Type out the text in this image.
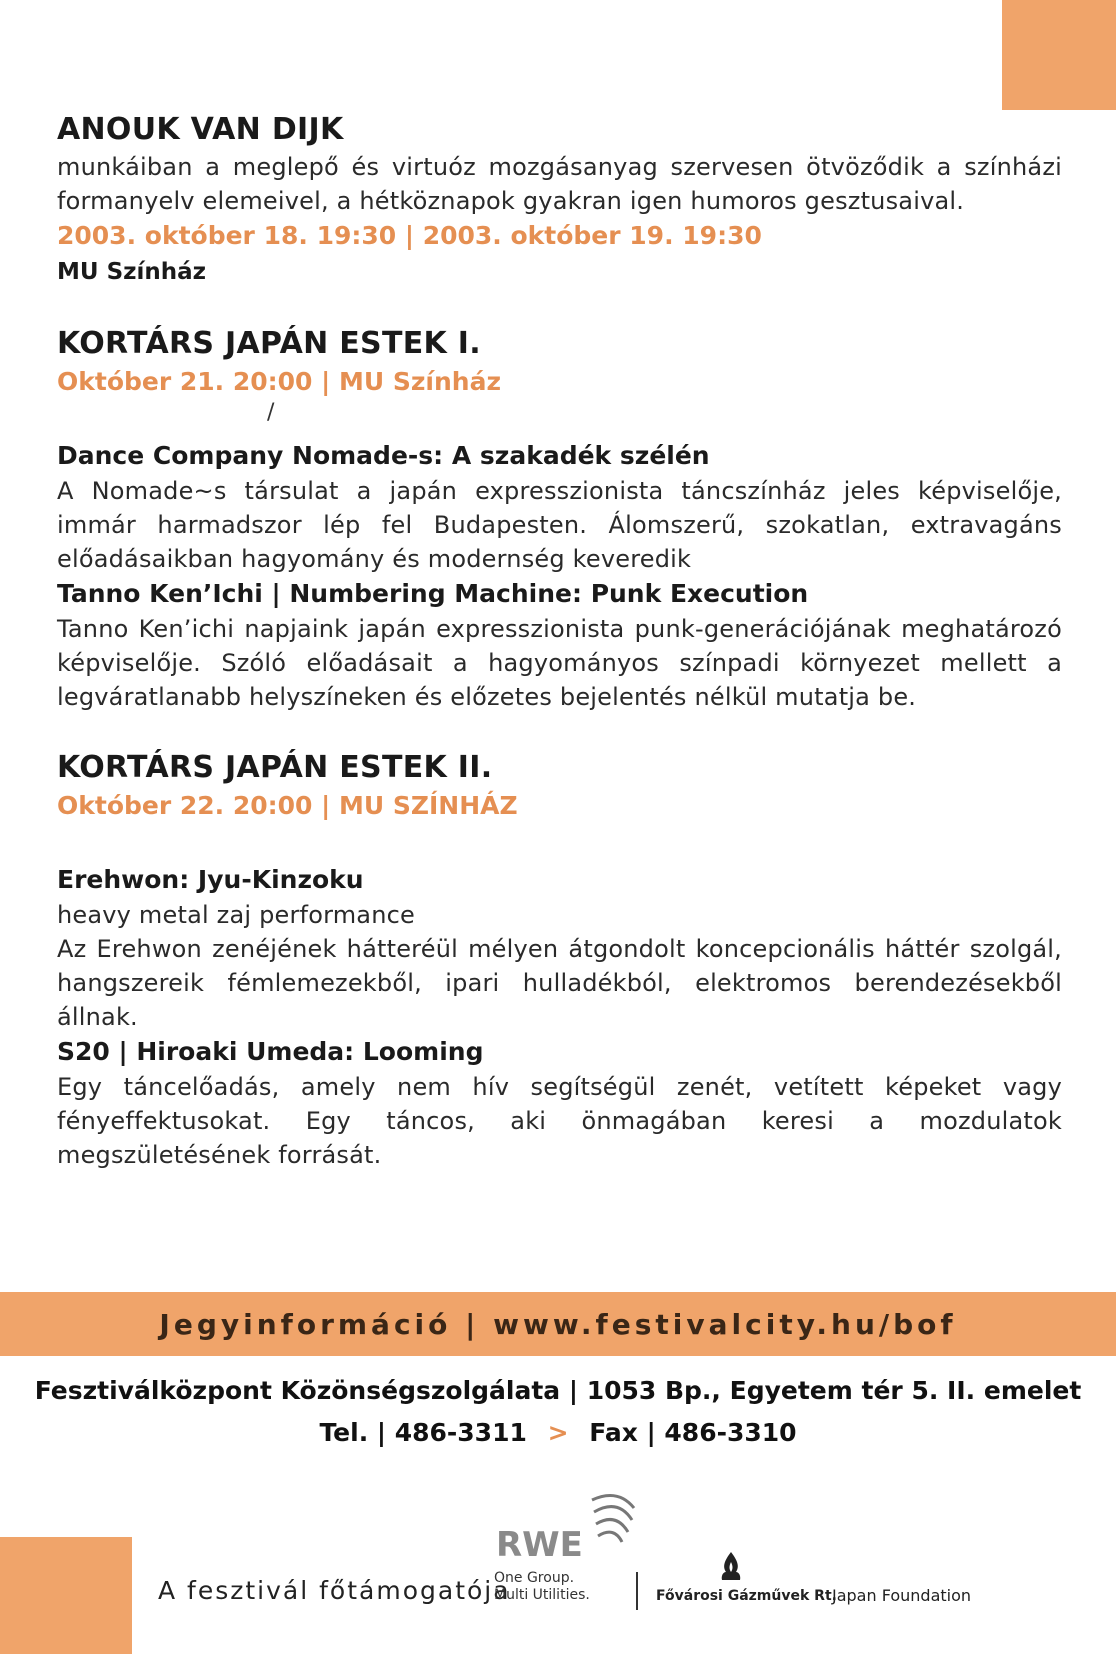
ANOUK VAN DIJK

munkáiban a meglepő és virtuóz mozgásanyag szervesen ötvöződik a színházi formanyelv elemeivel, a hétköznapok gyakran igen humoros gesztusaival.

2003. október 18. 19:30 | 2003. október 19. 19:30

MU Színház

KORTÁRS JAPÁN ESTEK I.

Október 21. 20:00 | MU Színház

/

Dance Company Nomade-s: A szakadék szélén

A Nomade~s társulat a japán expresszionista táncszínház jeles képviselője, immár harmadszor lép fel Budapesten. Álomszerű, szokatlan, extravagáns előadásaikban hagyomány és modernség keveredik

Tanno Ken’Ichi | Numbering Machine: Punk Execution

Tanno Ken’ichi napjaink japán expresszionista punk-generációjának meghatározó képviselője. Szóló előadásait a hagyományos színpadi környezet mellett a legváratlanabb helyszíneken és előzetes bejelentés nélkül mutatja be.

KORTÁRS JAPÁN ESTEK II.

Október 22. 20:00 | MU SZÍNHÁZ

Erehwon: Jyu-Kinzoku

heavy metal zaj performance

Az Erehwon zenéjének hátteréül mélyen átgondolt koncepcionális háttér szolgál, hangszereik fémlemezekből, ipari hulladékból, elektromos berendezésekből állnak.

S20 | Hiroaki Umeda: Looming

Egy táncelőadás, amely nem hív segítségül zenét, vetített képeket vagy fényeffektusokat. Egy táncos, aki önmagában keresi a mozdulatok megszületésének forrását.

Jegyinformáció | www.festivalcity.hu/bof
Fesztiválközpont Közönségszolgálata | 1053 Bp., Egyetem tér 5. II. emelet
Tel. | 486-3311 > Fax | 486-3310
A fesztivál főtámogatója
RWE
One Group.
Multi Utilities.	Fővárosi Gázművek Rt.
Japan Foundation
